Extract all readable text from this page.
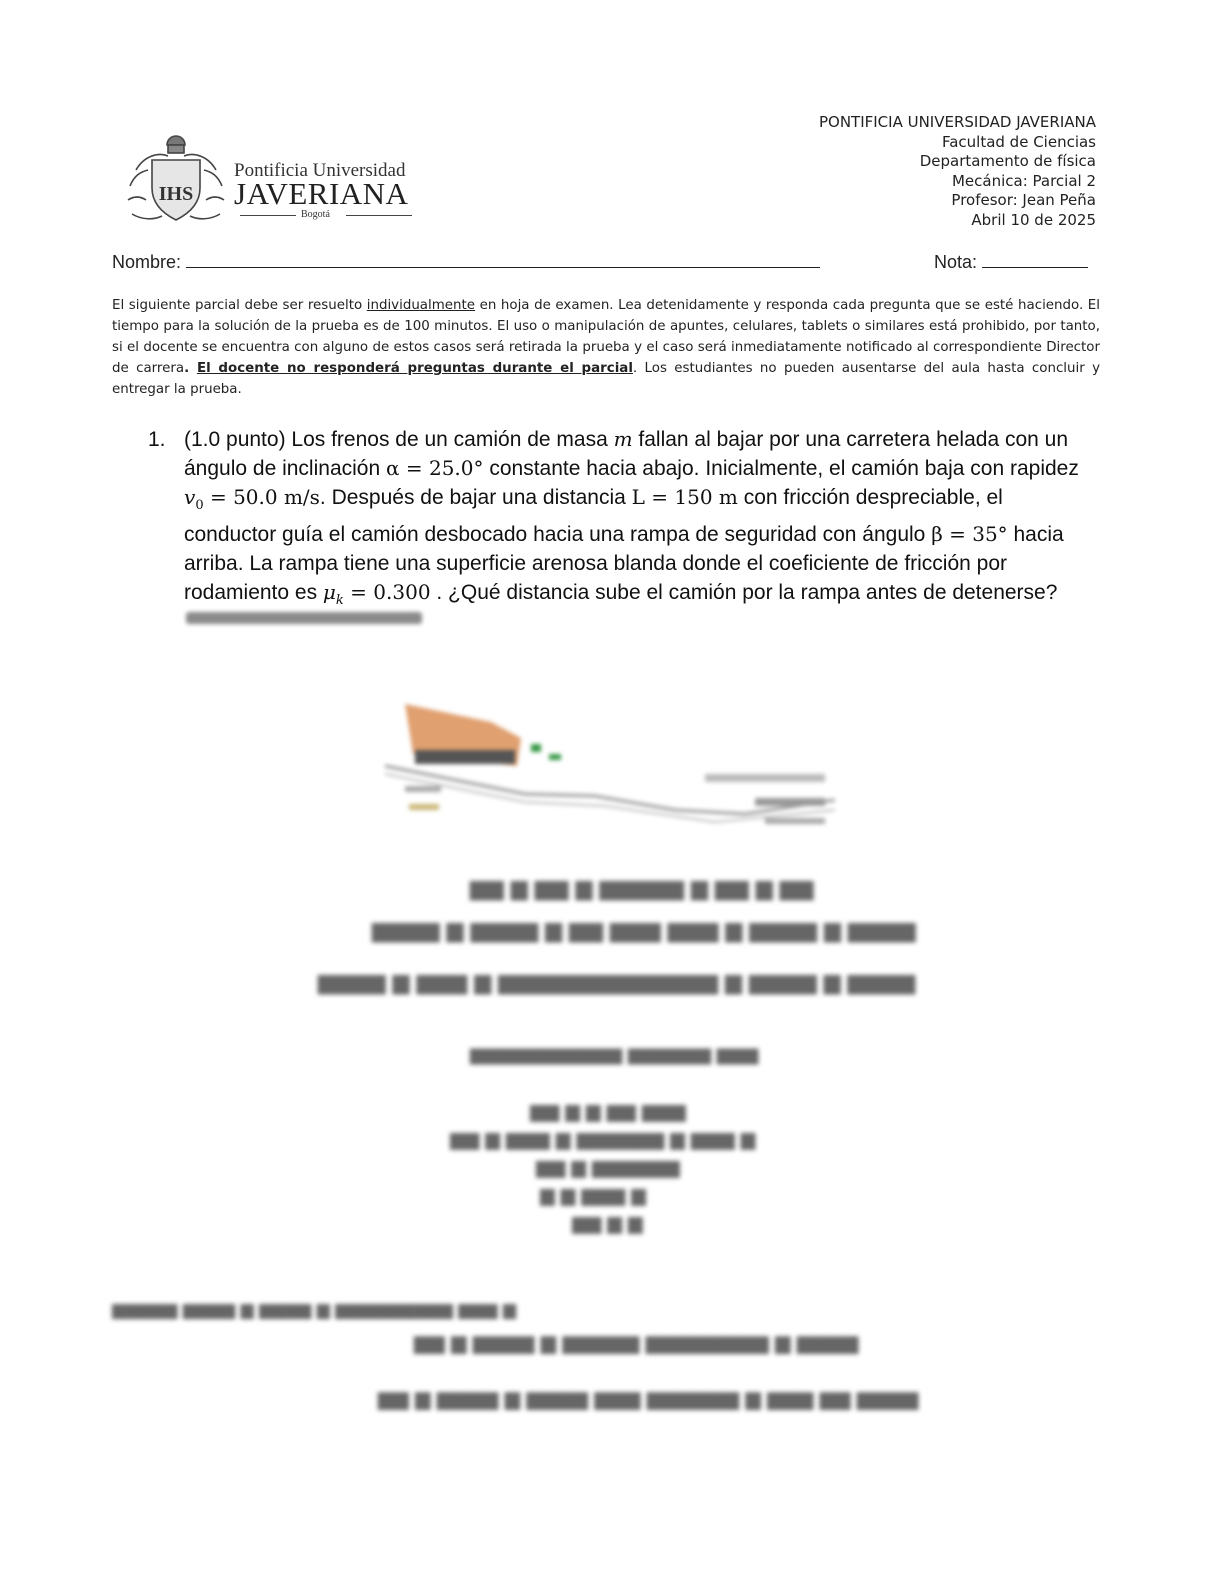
IHS
Pontificia Universidad
JAVERIANA
Bogotá
PONTIFICIA UNIVERSIDAD JAVERIANA
Facultad de Ciencias
Departamento de física
Mecánica: Parcial 2
Profesor: Jean Peña
Abril 10 de 2025
Nombre:	Nota:
El siguiente parcial debe ser resuelto individualmente en hoja de examen. Lea detenidamente y responda cada pregunta que se esté haciendo. El tiempo para la solución de la prueba es de 100 minutos. El uso o manipulación de apuntes, celulares, tablets o similares está prohibido, por tanto, si el docente se encuentra con alguno de estos casos será retirada la prueba y el caso será inmediatamente notificado al correspondiente Director de carrera. El docente no responderá preguntas durante el parcial. Los estudiantes no pueden ausentarse del aula hasta concluir y entregar la prueba.
1. (1.0 punto) Los frenos de un camión de masa m fallan al bajar por una carretera helada con un ángulo de inclinación α = 25.0° constante hacia abajo. Inicialmente, el camión baja con rapidez $v_0 = 50.0$ m/s. Después de bajar una distancia L = 150 m con fricción despreciable, el conductor guía el camión desbocado hacia una rampa de seguridad con ángulo β = 35° hacia arriba. La rampa tiene una superficie arenosa blanda donde el coeficiente de fricción por rodamiento es $\mu_k = 0.300$ . ¿Qué distancia sube el camión por la rampa antes de detenerse?
▆▆ ▆ ▆▆ ▆ ▆▆▆▆▆ ▆ ▆▆ ▆ ▆▆
▆▆▆▆ ▆ ▆▆▆▆ ▆ ▆▆ ▆▆▆ ▆▆▆ ▆ ▆▆▆▆ ▆ ▆▆▆▆
▆▆▆▆ ▆ ▆▆▆ ▆ ▆▆▆▆▆▆▆▆▆▆▆▆▆ ▆ ▆▆▆▆ ▆ ▆▆▆▆
▆▆▆▆▆▆▆▆▆▆▆ ▆▆▆▆▆▆ ▆▆▆
▆▆ ▆ ▆ ▆▆ ▆▆▆
▆▆ ▆ ▆▆▆ ▆ ▆▆▆▆▆▆ ▆ ▆▆▆ ▆
▆▆ ▆ ▆▆▆▆▆▆
▆ ▆ ▆▆▆ ▆
▆▆ ▆ ▆
▆▆▆▆▆ ▆▆▆▆ ▆ ▆▆▆▆ ▆ ▆▆▆▆▆▆▆▆▆ ▆▆▆ ▆
▆▆ ▆ ▆▆▆▆ ▆ ▆▆▆▆▆ ▆▆▆▆▆▆▆▆ ▆ ▆▆▆▆
▆▆ ▆ ▆▆▆▆ ▆ ▆▆▆▆ ▆▆▆ ▆▆▆▆▆▆ ▆ ▆▆▆ ▆▆ ▆▆▆▆
